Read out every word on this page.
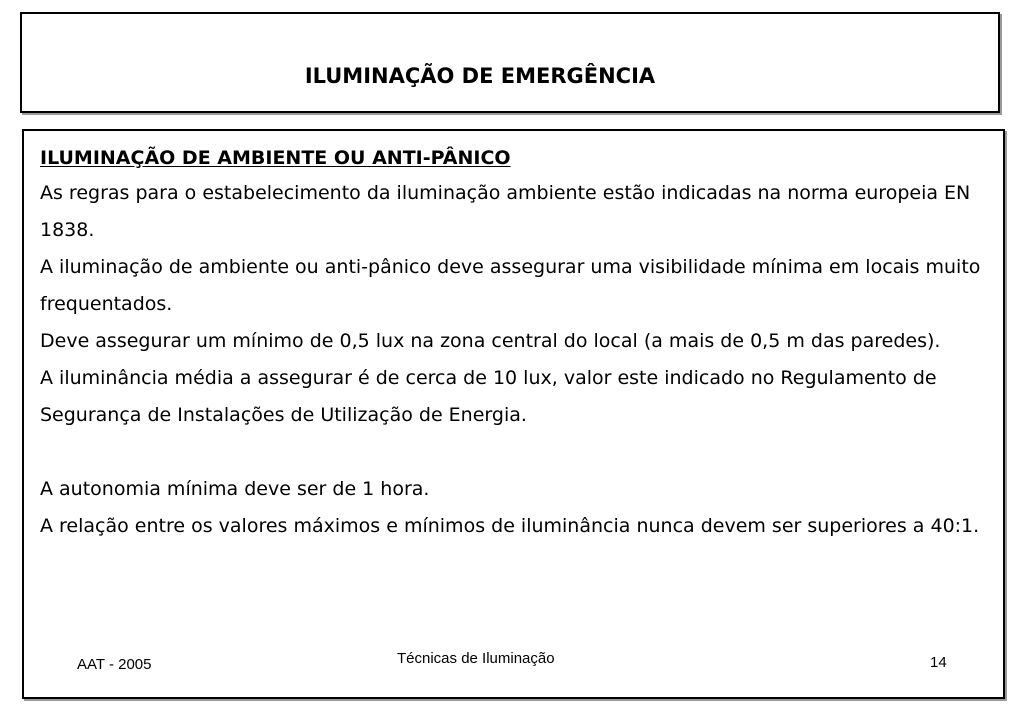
ILUMINAÇÃO DE EMERGÊNCIA
ILUMINAÇÃO DE AMBIENTE OU ANTI-PÂNICO

As regras para o estabelecimento da iluminação ambiente estão indicadas na norma europeia EN 1838.

A iluminação de ambiente ou anti-pânico deve assegurar uma visibilidade mínima em locais muito frequentados.

Deve assegurar um mínimo de 0,5 lux na zona central do local (a mais de 0,5 m das paredes).

A iluminância média a assegurar é de cerca de 10 lux, valor este indicado no Regulamento de Segurança de Instalações de Utilização de Energia.

A autonomia mínima deve ser de 1 hora.

A relação entre os valores máximos e mínimos de iluminância nunca devem ser superiores a 40:1.

AAT - 2005	Técnicas de Iluminação	14
